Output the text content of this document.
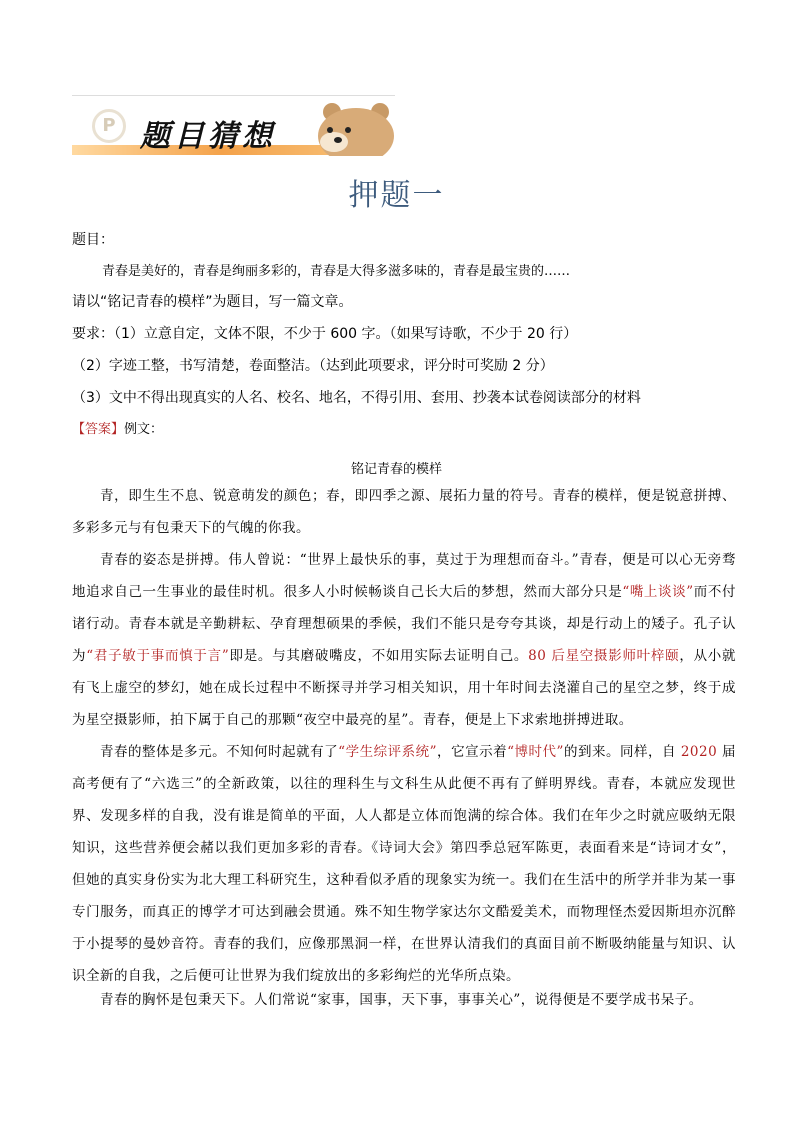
P 题目猜想
押题一
题目：
青春是美好的，青春是绚丽多彩的，青春是大得多滋多味的，青春是最宝贵的……
请以“铭记青春的模样”为题目，写一篇文章。
要求：（1）立意自定，文体不限，不少于 600 字。（如果写诗歌，不少于 20 行）
（2）字迹工整，书写清楚，卷面整洁。（达到此项要求，评分时可奖励 2 分）
（3）文中不得出现真实的人名、校名、地名，不得引用、套用、抄袭本试卷阅读部分的材料
【答案】例文：
铭记青春的模样
青，即生生不息、锐意萌发的颜色；春，即四季之源、展拓力量的符号。青春的模样，便是锐意拼搏、多彩多元与有包秉天下的气魄的你我。
青春的姿态是拼搏。伟人曾说：“世界上最快乐的事，莫过于为理想而奋斗。”青春，便是可以心无旁骛地追求自己一生事业的最佳时机。很多人小时候畅谈自己长大后的梦想，然而大部分只是“嘴上谈谈”而不付诸行动。青春本就是辛勤耕耘、孕育理想硕果的季候，我们不能只是夸夸其谈，却是行动上的矮子。孔子认为“君子敏于事而慎于言”即是。与其磨破嘴皮，不如用实际去证明自己。80 后星空摄影师叶梓颐，从小就有飞上虚空的梦幻，她在成长过程中不断探寻并学习相关知识，用十年时间去浇灌自己的星空之梦，终于成为星空摄影师，拍下属于自己的那颗“夜空中最亮的星”。青春，便是上下求索地拼搏进取。
青春的整体是多元。不知何时起就有了“学生综评系统”，它宣示着“博时代”的到来。同样，自 2020 届高考便有了“六选三”的全新政策，以往的理科生与文科生从此便不再有了鲜明界线。青春，本就应发现世界、发现多样的自我，没有谁是简单的平面，人人都是立体而饱满的综合体。我们在年少之时就应吸纳无限知识，这些营养便会赭以我们更加多彩的青春。《诗词大会》第四季总冠军陈更，表面看来是“诗词才女”，但她的真实身份实为北大理工科研究生，这种看似矛盾的现象实为统一。我们在生活中的所学并非为某一事专门服务，而真正的博学才可达到融会贯通。殊不知生物学家达尔文酷爱美术，而物理怪杰爱因斯坦亦沉醉于小提琴的曼妙音符。青春的我们，应像那黑洞一样，在世界认清我们的真面目前不断吸纳能量与知识、认识全新的自我，之后便可让世界为我们绽放出的多彩绚烂的光华所点染。
青春的胸怀是包秉天下。人们常说“家事，国事，天下事，事事关心”，说得便是不要学成书呆子。
